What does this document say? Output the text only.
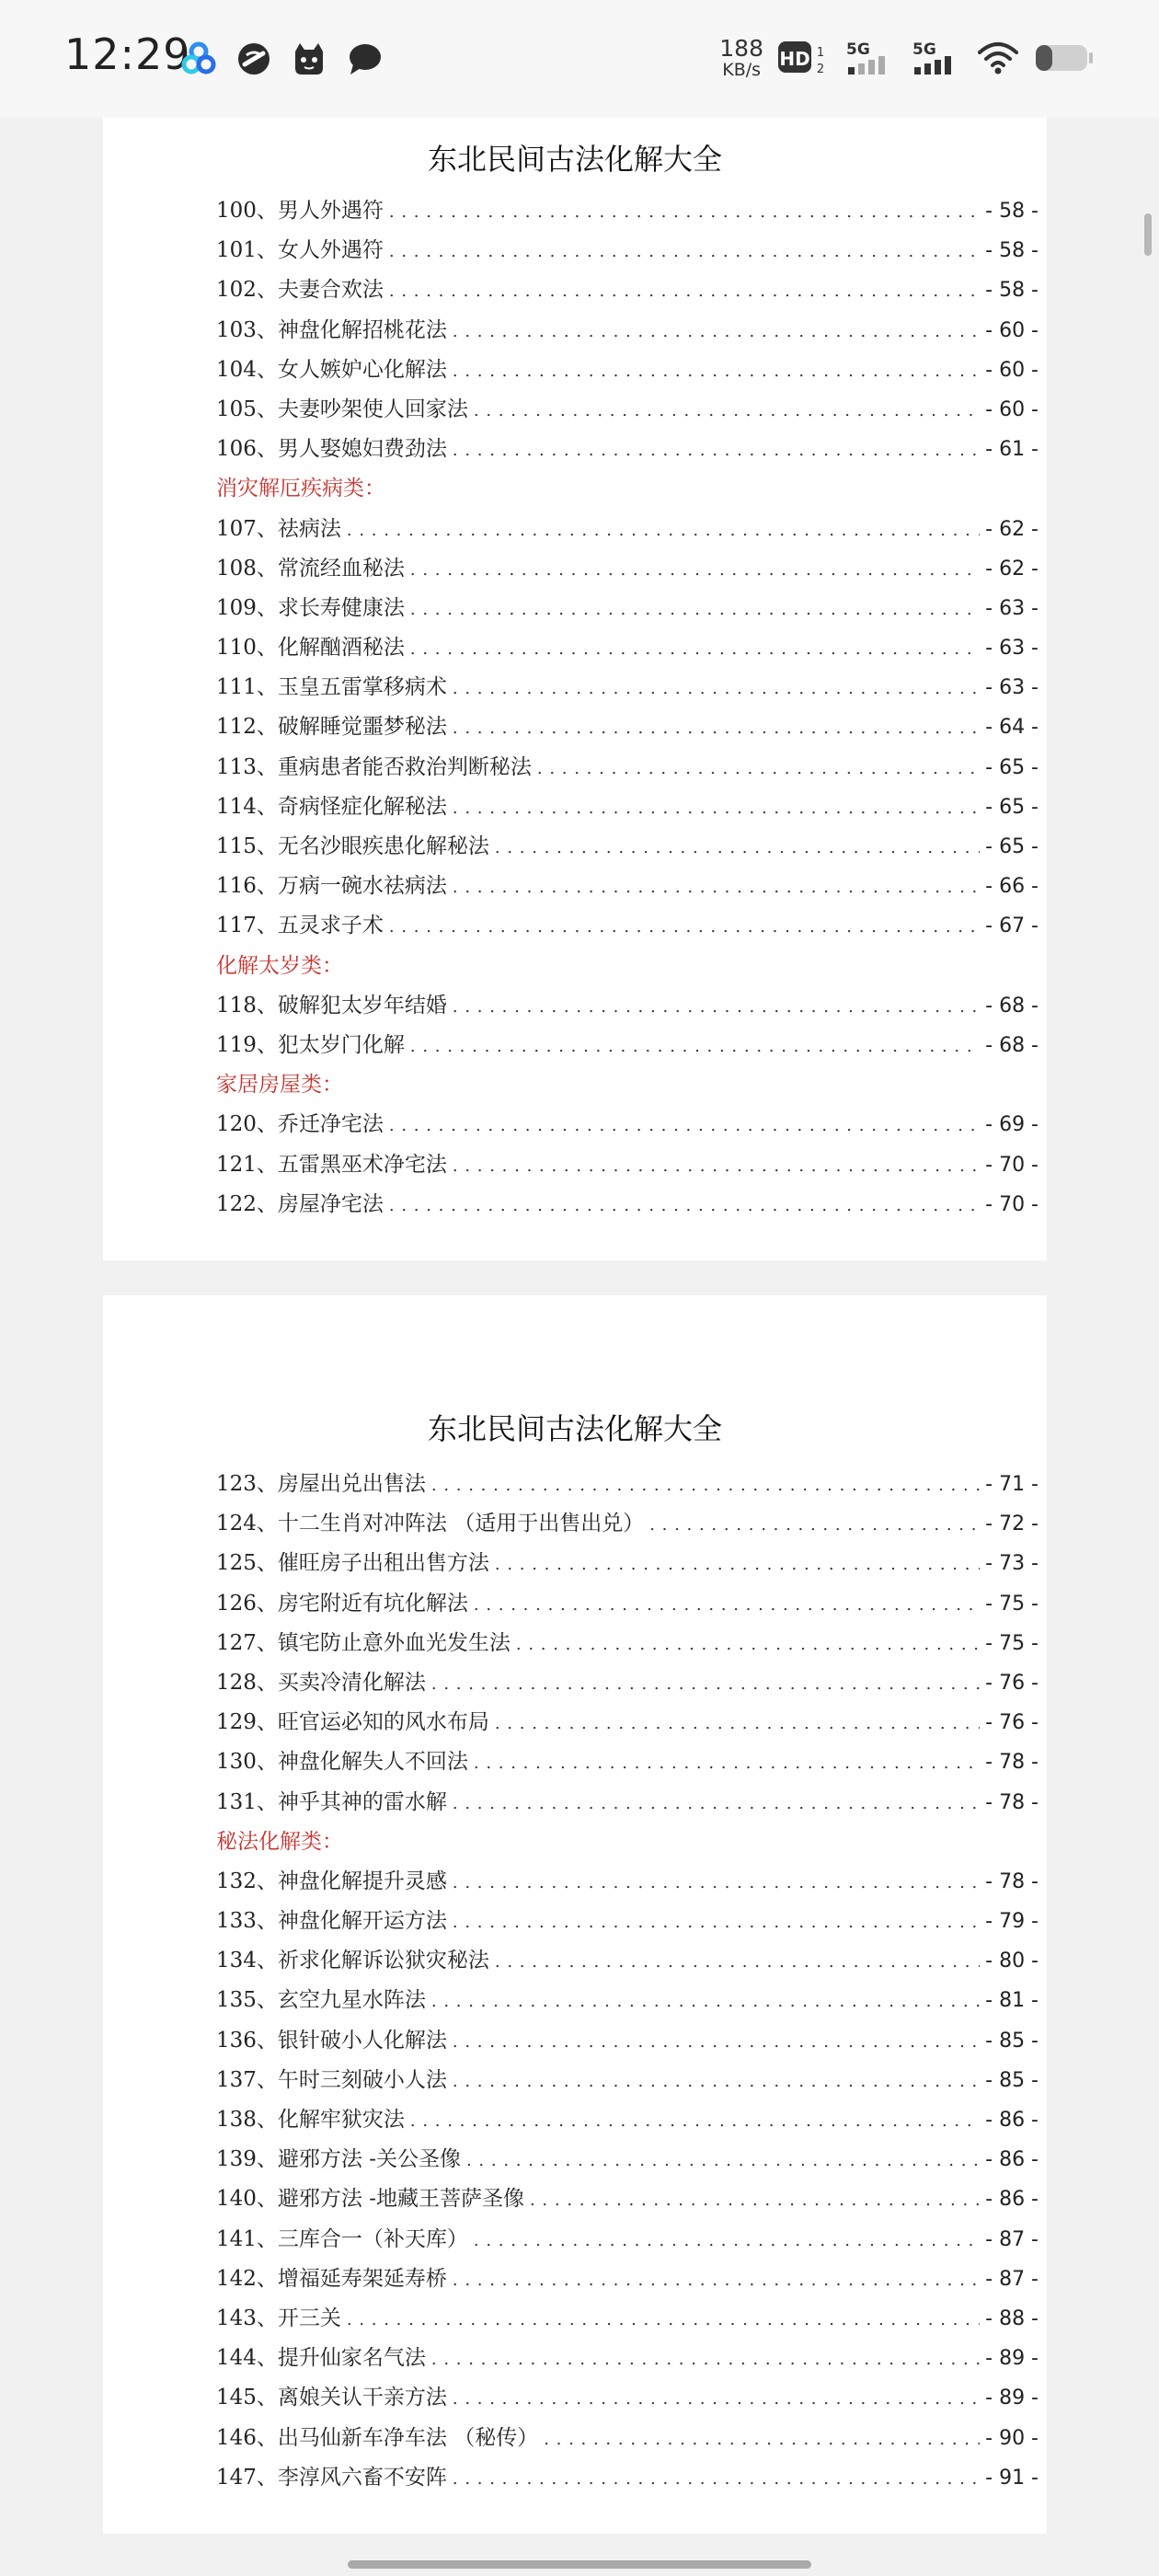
12:29	188
KB/s HD 1
2
5G	5G
东北民间古法化解大全
100、男人外遇符 . . .	- 58 -
101、女人外遇符 . . .	- 58 -
102、夫妻合欢法 . . .	- 58 -
103、神盘化解招桃花法 . . .	- 60 -
104、女人嫉妒心化解法 . . .	- 60 -
105、夫妻吵架使人回家法 . . .	- 60 -
106、男人娶媳妇费劲法 . . .	- 61 -
消灾解厄疾病类：
107、祛病法 . . .	- 62 -
108、常流经血秘法 . . .	- 62 -
109、求长寿健康法 . . .	- 63 -
110、化解酗酒秘法 . . .	- 63 -
111、玉皇五雷掌移病术 . . .	- 63 -
112、破解睡觉噩梦秘法 . . .	- 64 -
113、重病患者能否救治判断秘法 . . .	- 65 -
114、奇病怪症化解秘法 . . .	- 65 -
115、无名沙眼疾患化解秘法 . . .	- 65 -
116、万病一碗水祛病法 . . .	- 66 -
117、五灵求子术 . . .	- 67 -
化解太岁类：
118、破解犯太岁年结婚 . . .	- 68 -
119、犯太岁门化解 . . .	- 68 -
家居房屋类：
120、乔迁净宅法 . . .	- 69 -
121、五雷黑巫术净宅法 . . .	- 70 -
122、房屋净宅法 . . .	- 70 -
东北民间古法化解大全
123、房屋出兑出售法 . . .	- 71 -
124、十二生肖对冲阵法 （适用于出售出兑） . . .	- 72 -
125、催旺房子出租出售方法 . . .	- 73 -
126、房宅附近有坑化解法 . . .	- 75 -
127、镇宅防止意外血光发生法 . . .	- 75 -
128、买卖冷清化解法 . . .	- 76 -
129、旺官运必知的风水布局 . . .	- 76 -
130、神盘化解失人不回法 . . .	- 78 -
131、神乎其神的雷水解 . . .	- 78 -
秘法化解类：
132、神盘化解提升灵感 . . .	- 78 -
133、神盘化解开运方法 . . .	- 79 -
134、祈求化解诉讼狱灾秘法 . . .	- 80 -
135、玄空九星水阵法 . . .	- 81 -
136、银针破小人化解法 . . .	- 85 -
137、午时三刻破小人法 . . .	- 85 -
138、化解牢狱灾法 . . .	- 86 -
139、避邪方法 -关公圣像 . . .	- 86 -
140、避邪方法 -地藏王菩萨圣像 . . .	- 86 -
141、三库合一（补天库） . . .	- 87 -
142、增福延寿架延寿桥 . . .	- 87 -
143、开三关 . . .	- 88 -
144、提升仙家名气法 . . .	- 89 -
145、离娘关认干亲方法 . . .	- 89 -
146、出马仙新车净车法 （秘传） . . .	- 90 -
147、李淳风六畜不安阵 . . .	- 91 -
